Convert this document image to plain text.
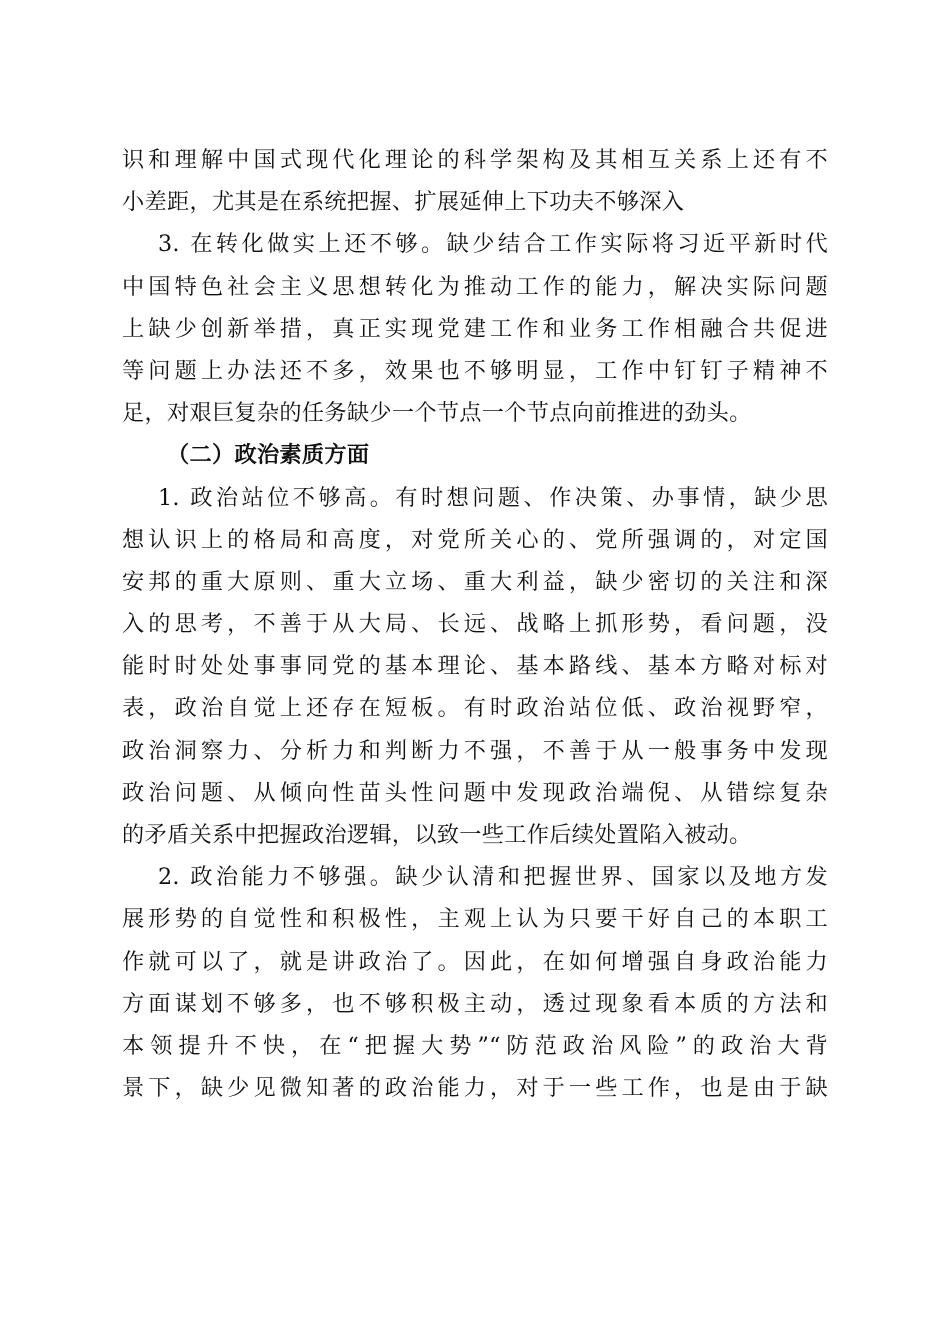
识和理解中国式现代化理论的科学架构及其相互关系上还有不
小差距，尤其是在系统把握、扩展延伸上下功夫不够深入
3. 在转化做实上还不够。缺少结合工作实际将习近平新时代
中国特色社会主义思想转化为推动工作的能力，解决实际问题
上缺少创新举措，真正实现党建工作和业务工作相融合共促进
等问题上办法还不多，效果也不够明显，工作中钉钉子精神不
足，对艰巨复杂的任务缺少一个节点一个节点向前推进的劲头。
（二）政治素质方面
1. 政治站位不够高。有时想问题、作决策、办事情，缺少思
想认识上的格局和高度，对党所关心的、党所强调的，对定国
安邦的重大原则、重大立场、重大利益，缺少密切的关注和深
入的思考，不善于从大局、长远、战略上抓形势，看问题，没
能时时处处事事同党的基本理论、基本路线、基本方略对标对
表，政治自觉上还存在短板。有时政治站位低、政治视野窄，
政治洞察力、分析力和判断力不强，不善于从一般事务中发现
政治问题、从倾向性苗头性问题中发现政治端倪、从错综复杂
的矛盾关系中把握政治逻辑，以致一些工作后续处置陷入被动。
2. 政治能力不够强。缺少认清和把握世界、国家以及地方发
展形势的自觉性和积极性，主观上认为只要干好自己的本职工
作就可以了，就是讲政治了。因此，在如何增强自身政治能力
方面谋划不够多，也不够积极主动，透过现象看本质的方法和
本领提升不快，在“把握大势”“防范政治风险”的政治大背
景下，缺少见微知著的政治能力，对于一些工作，也是由于缺
